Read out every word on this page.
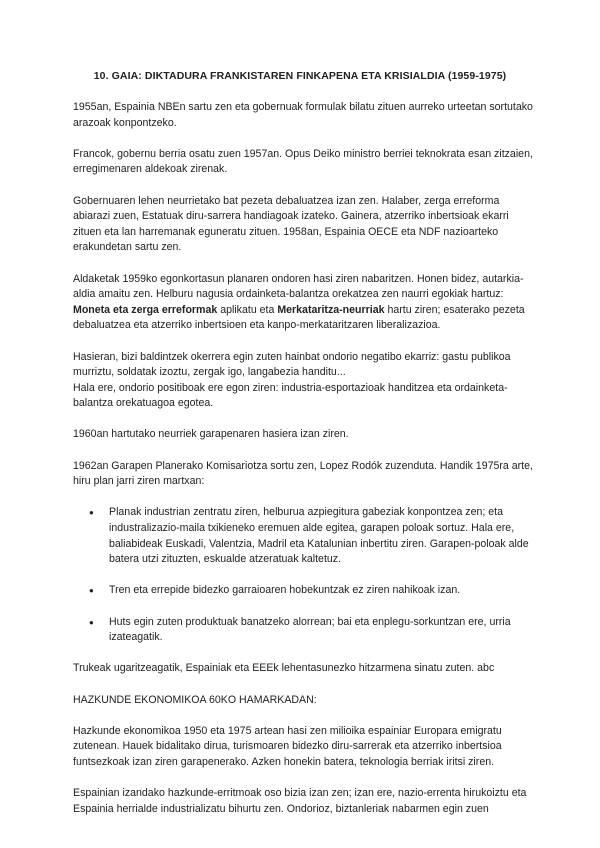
10. GAIA: DIKTADURA FRANKISTAREN FINKAPENA ETA KRISIALDIA (1959-1975)

1955an, Espainia NBEn sartu zen eta gobernuak formulak bilatu zituen aurreko urteetan sortutako arazoak konpontzeko.

Francok, gobernu berria osatu zuen 1957an. Opus Deiko ministro berriei teknokrata esan zitzaien, erregimenaren aldekoak zirenak.

Gobernuaren lehen neurrietako bat pezeta debaluatzea izan zen. Halaber, zerga erreforma abiarazi zuen, Estatuak diru-sarrera handiagoak izateko. Gainera, atzerriko inbertsioak ekarri zituen eta lan harremanak eguneratu zituen. 1958an, Espainia OECE eta NDF nazioarteko erakundetan sartu zen.

Aldaketak 1959ko egonkortasun planaren ondoren hasi ziren nabaritzen. Honen bidez, autarkia-aldia amaitu zen. Helburu nagusia ordainketa-balantza orekatzea zen naurri egokiak hartuz: Moneta eta zerga erreformak aplikatu eta Merkataritza-neurriak hartu ziren; esaterako pezeta debaluatzea eta atzerriko inbertsioen eta kanpo-merkataritzaren liberalizazioa.

Hasieran, bizi baldintzek okerrera egin zuten hainbat ondorio negatibo ekarriz: gastu publikoa murriztu, soldatak izoztu, zergak igo, langabezia handitu...

Hala ere, ondorio positiboak ere egon ziren: industria-esportazioak handitzea eta ordainketa-balantza orekatuagoa egotea.

1960an hartutako neurriek garapenaren hasiera izan ziren.

1962an Garapen Planerako Komisariotza sortu zen, Lopez Rodók zuzenduta. Handik 1975ra arte, hiru plan jarri ziren martxan:

● Planak industrian zentratu ziren, helburua azpiegitura gabeziak konpontzea zen; eta industralizazio-maila txikieneko eremuen alde egitea, garapen poloak sortuz. Hala ere, baliabideak Euskadi, Valentzia, Madril eta Katalunian inbertitu ziren. Garapen-poloak alde batera utzi zituzten, eskualde atzeratuak kaltetuz.
● Tren eta errepide bidezko garraioaren hobekuntzak ez ziren nahikoak izan.
● Huts egin zuten produktuak banatzeko alorrean; bai eta enplegu-sorkuntzan ere, urria izateagatik.

Trukeak ugaritzeagatik, Espainiak eta EEEk lehentasunezko hitzarmena sinatu zuten. abc

HAZKUNDE EKONOMIKOA 60KO HAMARKADAN:

Hazkunde ekonomikoa 1950 eta 1975 artean hasi zen milioika espainiar Europara emigratu zutenean. Hauek bidalitako dirua, turismoaren bidezko diru-sarrerak eta atzerriko inbertsioa funtsezkoak izan ziren garapenerako. Azken honekin batera, teknologia berriak iritsi ziren.

Espainian izandako hazkunde-erritmoak oso bizia izan zen; izan ere, nazio-errenta hirukoiztu eta Espainia herrialde industrializatu bihurtu zen. Ondorioz, biztanleriak nabarmen egin zuen
